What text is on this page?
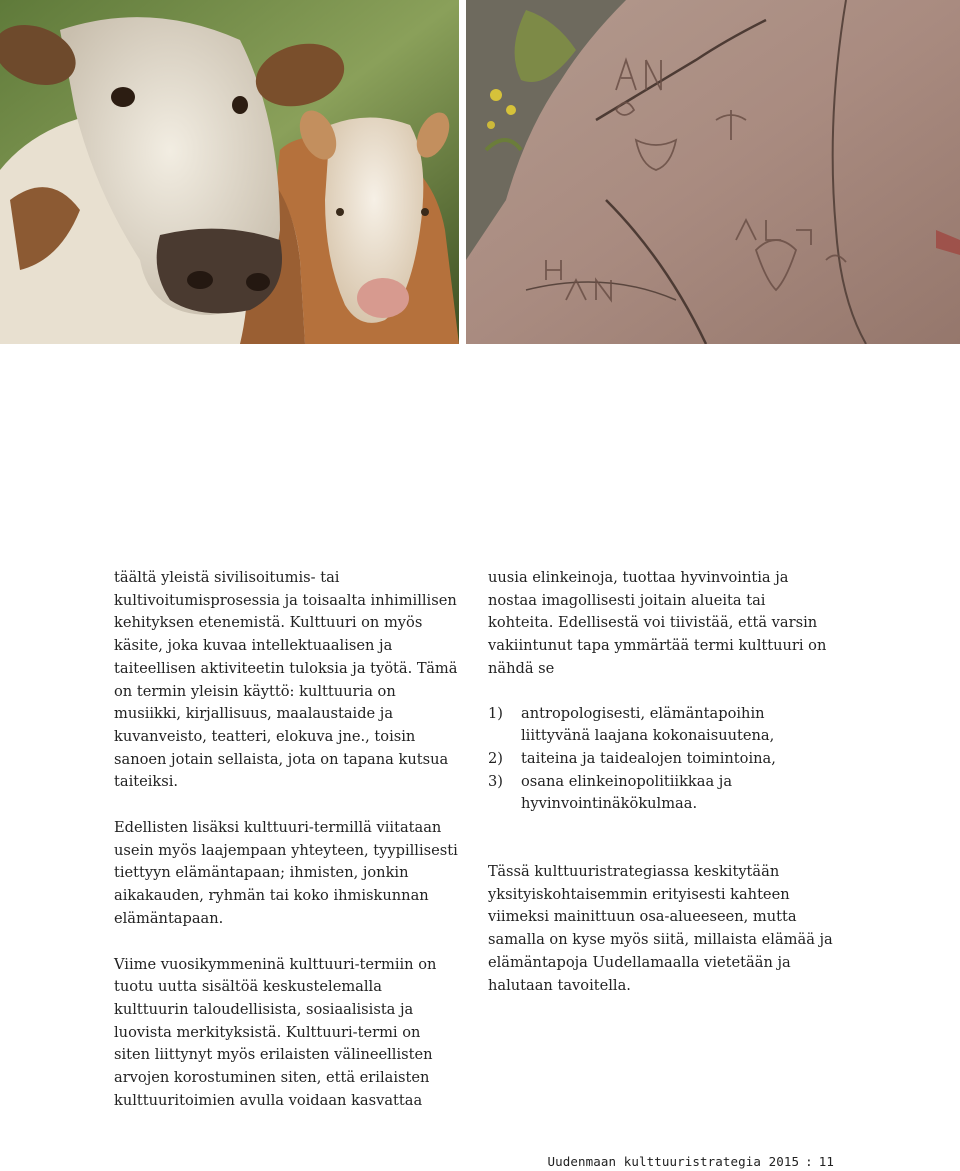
täältä yleistä sivilisoitumis- tai kultivoitumisprosessia ja toisaalta inhimillisen kehityksen etenemistä. Kulttuuri on myös käsite, joka kuvaa intellektuaalisen ja taiteellisen aktiviteetin tuloksia ja työtä. Tämä on termin yleisin käyttö: kulttuuria on musiikki, kirjallisuus, maalaustaide ja kuvanveisto, teatteri, elokuva jne., toisin sanoen jotain sellaista, jota on tapana kutsua taiteiksi.

Edellisten lisäksi kulttuuri-termillä viitataan usein myös laajempaan yhteyteen, tyypillisesti tiettyyn elämäntapaan; ihmisten, jonkin aikakauden, ryhmän tai koko ihmiskunnan elämäntapaan.

Viime vuosikymmeninä kulttuuri-termiin on tuotu uutta sisältöä keskustelemalla kulttuurin taloudellisista, sosiaalisista ja luovista merkityksistä. Kulttuuri-termi on siten liittynyt myös erilaisten välineellisten arvojen korostuminen siten, että erilaisten kulttuuritoimien avulla voidaan kasvattaa

uusia elinkeinoja, tuottaa hyvinvointia ja nostaa imagollisesti joitain alueita tai kohteita. Edellisestä voi tiivistää, että varsin vakiintunut tapa ymmärtää termi kulttuuri on nähdä se

1)	antropologisesti, elämäntapoihin liittyvänä laajana kokonaisuutena,
2)	taiteina ja taidealojen toimintoina,
3)	osana elinkeinopolitiikkaa ja hyvinvointinäkökulmaa.

Tässä kulttuuristrategiassa keskitytään yksityiskohtaisemmin erityisesti kahteen viimeksi mainittuun osa-alueeseen, mutta samalla on kyse myös siitä, millaista elämää ja elämäntapoja Uudellamaalla vietetään ja halutaan tavoitella.

Uudenmaan kulttuuristrategia 2015 : 11
